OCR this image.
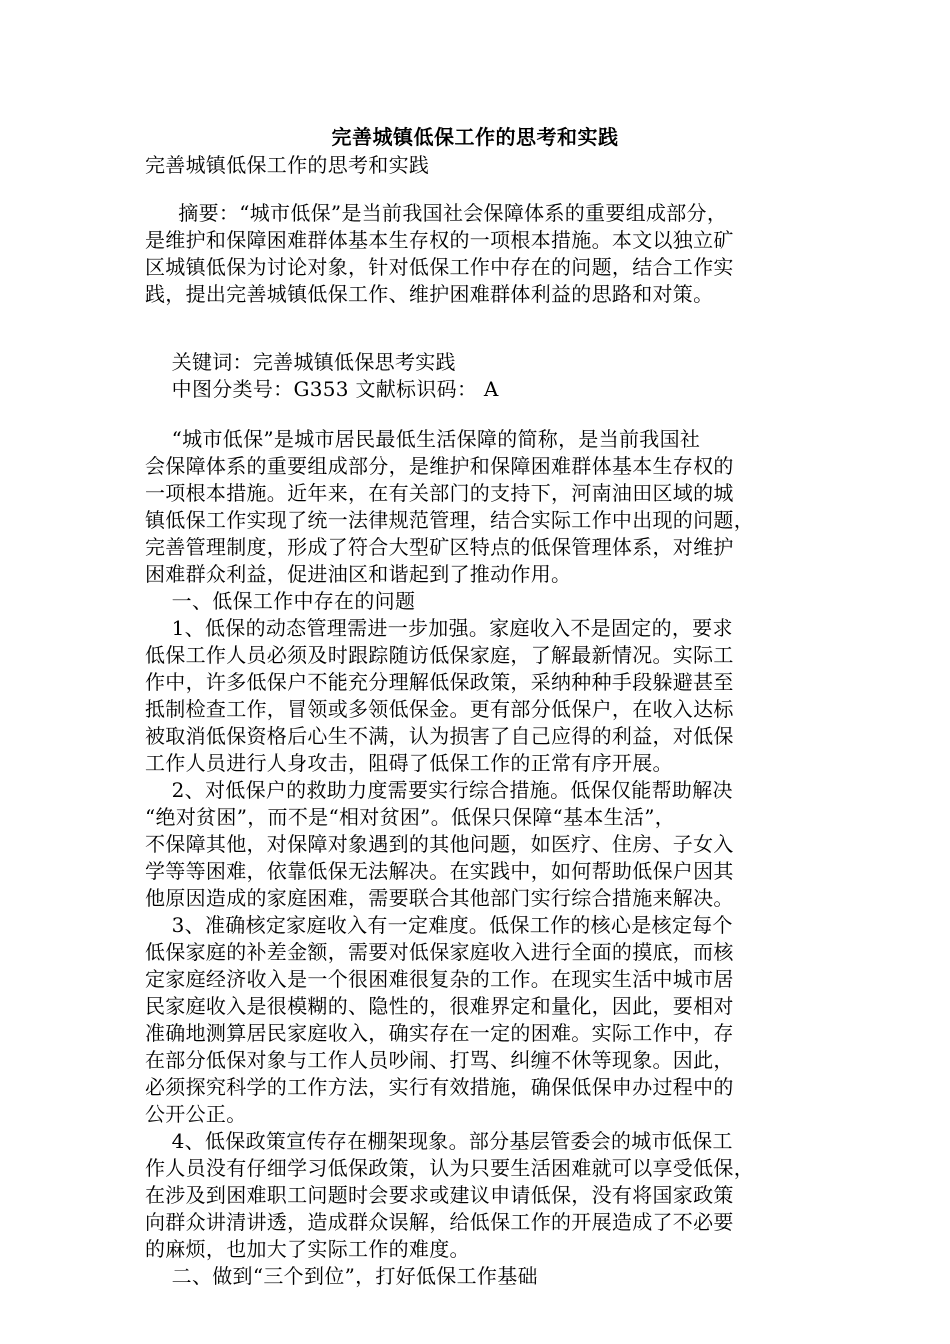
完善城镇低保工作的思考和实践

完善城镇低保工作的思考和实践

摘要：“城市低保”是当前我国社会保障体系的重要组成部分，
是维护和保障困难群体基本生存权的一项根本措施。本文以独立矿
区城镇低保为讨论对象，针对低保工作中存在的问题，结合工作实
践，提出完善城镇低保工作、维护困难群体利益的思路和对策。

关键词：完善城镇低保思考实践

中图分类号：G353 文献标识码： A

“城市低保”是城市居民最低生活保障的简称，是当前我国社
会保障体系的重要组成部分，是维护和保障困难群体基本生存权的
一项根本措施。近年来，在有关部门的支持下，河南油田区域的城
镇低保工作实现了统一法律规范管理，结合实际工作中出现的问题，
完善管理制度，形成了符合大型矿区特点的低保管理体系，对维护
困难群众利益，促进油区和谐起到了推动作用。
一、低保工作中存在的问题
1、低保的动态管理需进一步加强。家庭收入不是固定的，要求
低保工作人员必须及时跟踪随访低保家庭，了解最新情况。实际工
作中，许多低保户不能充分理解低保政策，采纳种种手段躲避甚至
抵制检查工作，冒领或多领低保金。更有部分低保户，在收入达标
被取消低保资格后心生不满，认为损害了自己应得的利益，对低保
工作人员进行人身攻击，阻碍了低保工作的正常有序开展。
2、对低保户的救助力度需要实行综合措施。低保仅能帮助解决
“绝对贫困”，而不是“相对贫困”。低保只保障“基本生活”，
不保障其他，对保障对象遇到的其他问题，如医疗、住房、子女入
学等等困难，依靠低保无法解决。在实践中，如何帮助低保户因其
他原因造成的家庭困难，需要联合其他部门实行综合措施来解决。
3、准确核定家庭收入有一定难度。低保工作的核心是核定每个
低保家庭的补差金额，需要对低保家庭收入进行全面的摸底，而核
定家庭经济收入是一个很困难很复杂的工作。在现实生活中城市居
民家庭收入是很模糊的、隐性的，很难界定和量化，因此，要相对
准确地测算居民家庭收入，确实存在一定的困难。实际工作中，存
在部分低保对象与工作人员吵闹、打骂、纠缠不休等现象。因此，
必须探究科学的工作方法，实行有效措施，确保低保申办过程中的
公开公正。
4、低保政策宣传存在棚架现象。部分基层管委会的城市低保工
作人员没有仔细学习低保政策，认为只要生活困难就可以享受低保，
在涉及到困难职工问题时会要求或建议申请低保，没有将国家政策
向群众讲清讲透，造成群众误解，给低保工作的开展造成了不必要
的麻烦，也加大了实际工作的难度。
二、做到“三个到位”，打好低保工作基础
